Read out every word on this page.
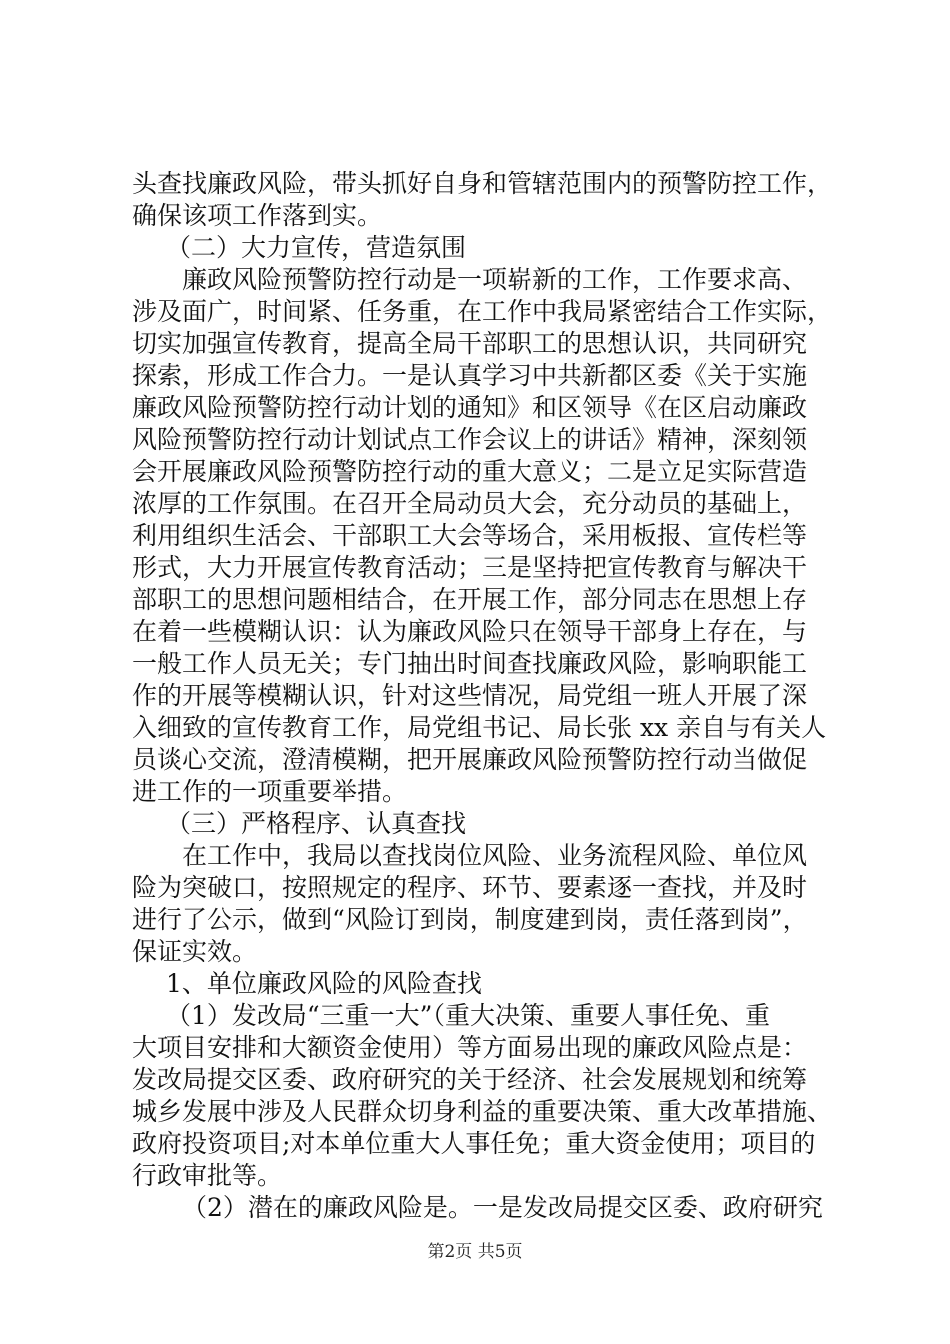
头查找廉政风险，带头抓好自身和管辖范围内的预警防控工作，
确保该项工作落到实。
（二）大力宣传，营造氛围
廉政风险预警防控行动是一项崭新的工作，工作要求高、
涉及面广，时间紧、任务重，在工作中我局紧密结合工作实际，
切实加强宣传教育，提高全局干部职工的思想认识，共同研究
探索，形成工作合力。一是认真学习中共新都区委《关于实施
廉政风险预警防控行动计划的通知》和区领导《在区启动廉政
风险预警防控行动计划试点工作会议上的讲话》精神，深刻领
会开展廉政风险预警防控行动的重大意义；二是立足实际营造
浓厚的工作氛围。在召开全局动员大会，充分动员的基础上，
利用组织生活会、干部职工大会等场合，采用板报、宣传栏等
形式，大力开展宣传教育活动；三是坚持把宣传教育与解决干
部职工的思想问题相结合，在开展工作，部分同志在思想上存
在着一些模糊认识：认为廉政风险只在领导干部身上存在，与
一般工作人员无关；专门抽出时间查找廉政风险，影响职能工
作的开展等模糊认识，针对这些情况，局党组一班人开展了深
入细致的宣传教育工作，局党组书记、局长张 xx 亲自与有关人
员谈心交流，澄清模糊，把开展廉政风险预警防控行动当做促
进工作的一项重要举措。
（三）严格程序、认真查找
在工作中，我局以查找岗位风险、业务流程风险、单位风
险为突破口，按照规定的程序、环节、要素逐一查找，并及时
进行了公示，做到“风险订到岗，制度建到岗，责任落到岗”，
保证实效。
1、单位廉政风险的风险查找
（1）发改局“三重一大”（重大决策、重要人事任免、重
大项目安排和大额资金使用）等方面易出现的廉政风险点是：
发改局提交区委、政府研究的关于经济、社会发展规划和统筹
城乡发展中涉及人民群众切身利益的重要决策、重大改革措施、
政府投资项目;对本单位重大人事任免；重大资金使用；项目的
行政审批等。
（2）潜在的廉政风险是。一是发改局提交区委、政府研究
第2页 共5页
